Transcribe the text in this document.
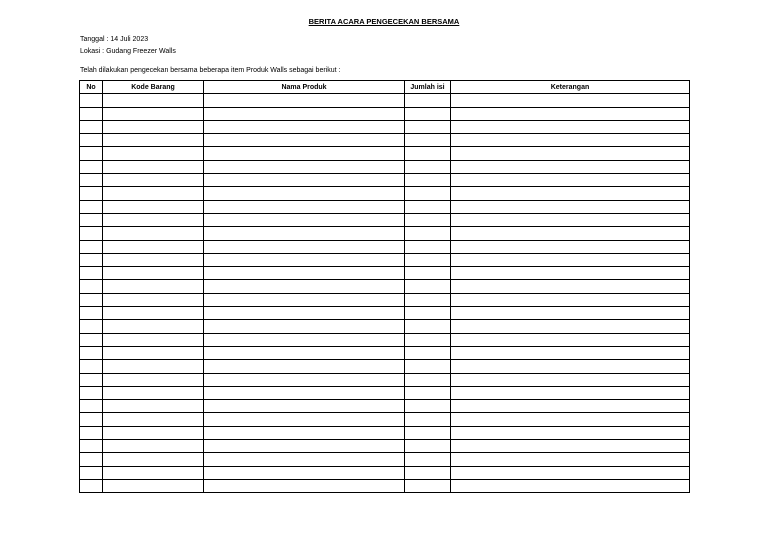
BERITA ACARA PENGECEKAN BERSAMA
Tanggal : 14 Juli 2023
Lokasi : Gudang Freezer Walls
Telah dilakukan pengecekan bersama beberapa item Produk Walls sebagai berikut :
No	Kode Barang	Nama Produk	Jumlah isi	Keterangan
